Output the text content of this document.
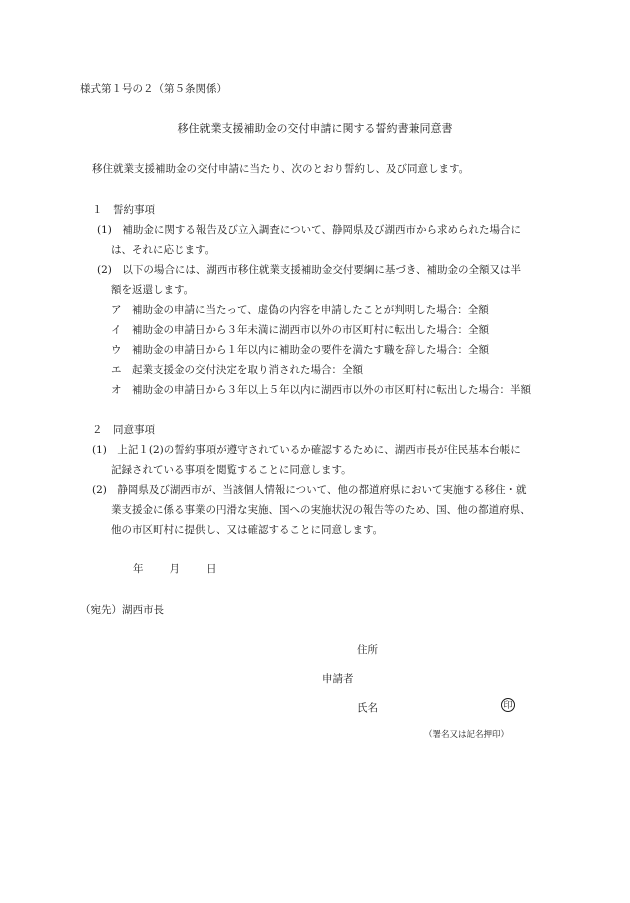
様式第１号の２（第５条関係）
移住就業支援補助金の交付申請に関する誓約書兼同意書
移住就業支援補助金の交付申請に当たり、次のとおり誓約し、及び同意します。
１　誓約事項
(1)　補助金に関する報告及び立入調査について、静岡県及び湖西市から求められた場合に
は、それに応じます。
(2)　以下の場合には、湖西市移住就業支援補助金交付要綱に基づき、補助金の全額又は半
額を返還します。
ア　補助金の申請に当たって、虚偽の内容を申請したことが判明した場合：全額
イ　補助金の申請日から３年未満に湖西市以外の市区町村に転出した場合：全額
ウ　補助金の申請日から１年以内に補助金の要件を満たす職を辞した場合：全額
エ　起業支援金の交付決定を取り消された場合：全額
オ　補助金の申請日から３年以上５年以内に湖西市以外の市区町村に転出した場合：半額
２　同意事項
(1)　上記１(2)の誓約事項が遵守されているか確認するために、湖西市長が住民基本台帳に
記録されている事項を閲覧することに同意します。
(2)　静岡県及び湖西市が、当該個人情報について、他の都道府県において実施する移住・就
業支援金に係る事業の円滑な実施、国への実施状況の報告等のため、国、他の都道府県、
他の市区町村に提供し、又は確認することに同意します。
年 月 日
（宛先）湖西市長
住所
申請者
氏名	印
（署名又は記名押印）
